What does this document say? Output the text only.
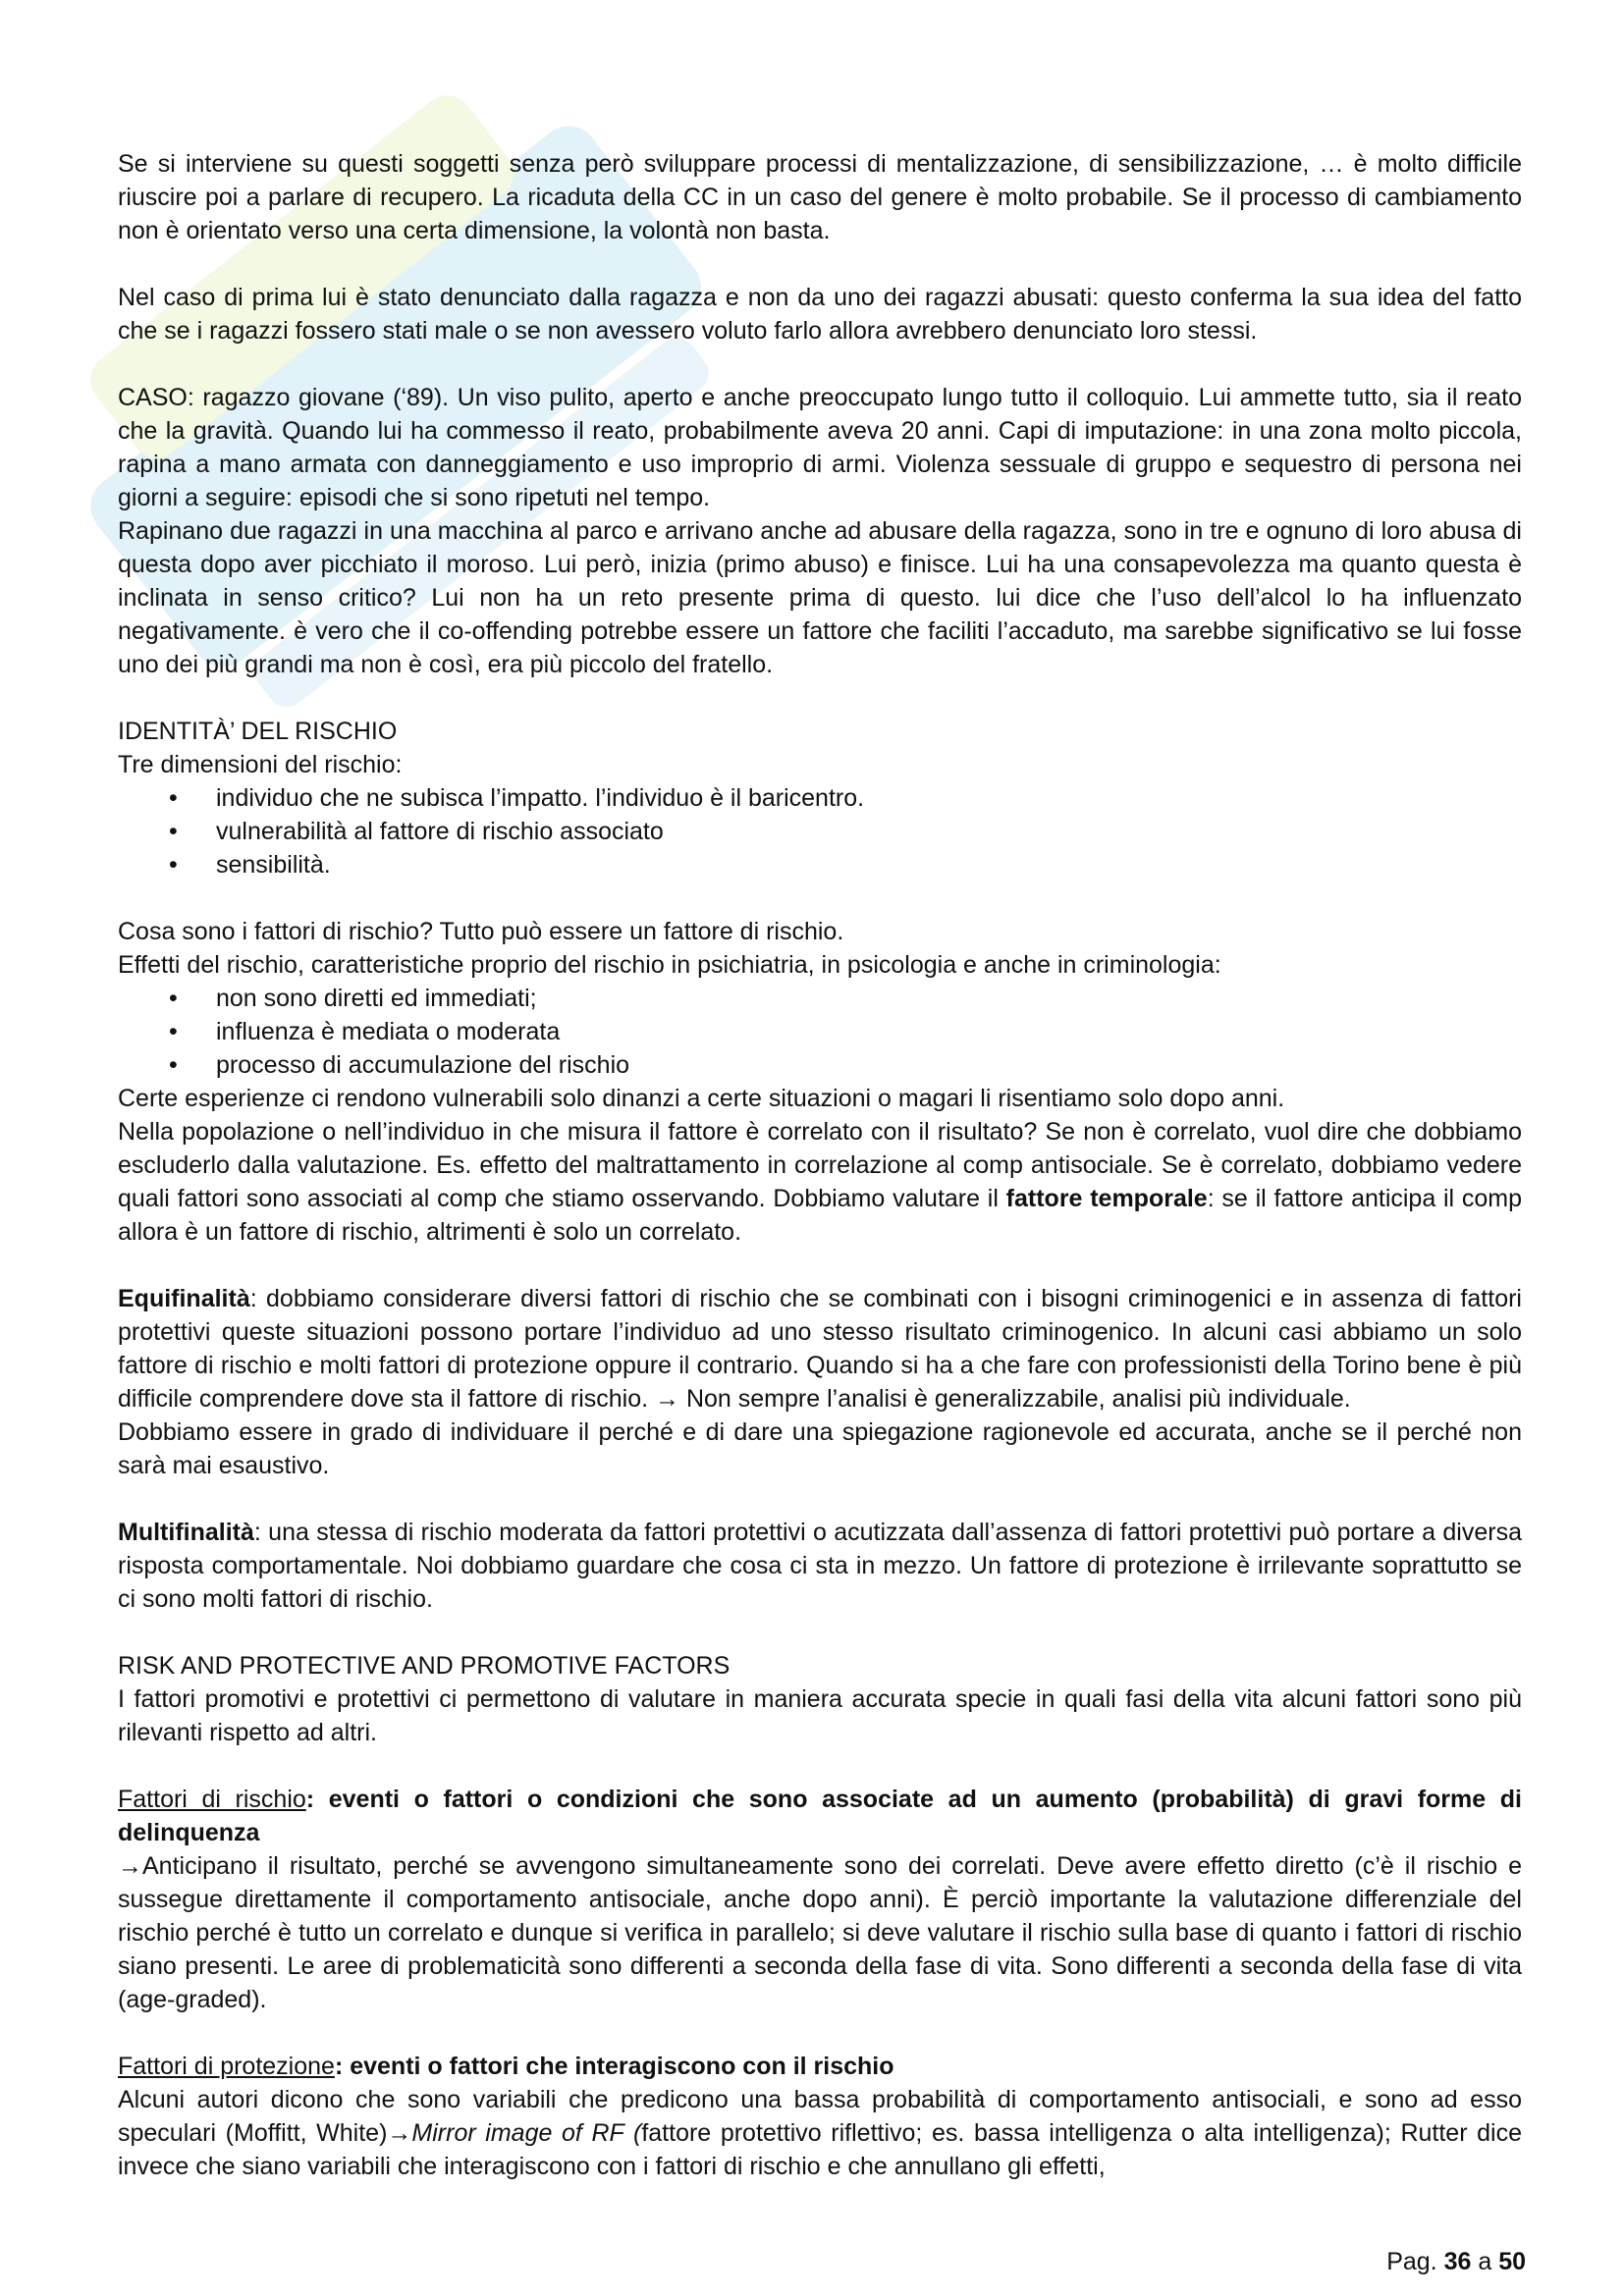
Se si interviene su questi soggetti senza però sviluppare processi di mentalizzazione, di sensibilizzazione, … è molto difficile riuscire poi a parlare di recupero. La ricaduta della CC in un caso del genere è molto probabile. Se il processo di cambiamento non è orientato verso una certa dimensione, la volontà non basta.

Nel caso di prima lui è stato denunciato dalla ragazza e non da uno dei ragazzi abusati: questo conferma la sua idea del fatto che se i ragazzi fossero stati male o se non avessero voluto farlo allora avrebbero denunciato loro stessi.

CASO: ragazzo giovane (‘89). Un viso pulito, aperto e anche preoccupato lungo tutto il colloquio. Lui ammette tutto, sia il reato che la gravità. Quando lui ha commesso il reato, probabilmente aveva 20 anni. Capi di imputazione: in una zona molto piccola, rapina a mano armata con danneggiamento e uso improprio di armi. Violenza sessuale di gruppo e sequestro di persona nei giorni a seguire: episodi che si sono ripetuti nel tempo.

Rapinano due ragazzi in una macchina al parco e arrivano anche ad abusare della ragazza, sono in tre e ognuno di loro abusa di questa dopo aver picchiato il moroso. Lui però, inizia (primo abuso) e finisce. Lui ha una consapevolezza ma quanto questa è inclinata in senso critico? Lui non ha un reto presente prima di questo. lui dice che l’uso dell’alcol lo ha influenzato negativamente. è vero che il co-offending potrebbe essere un fattore che faciliti l’accaduto, ma sarebbe significativo se lui fosse uno dei più grandi ma non è così, era più piccolo del fratello.

IDENTITÀ’ DEL RISCHIO

Tre dimensioni del rischio:

• individuo che ne subisca l’impatto. l’individuo è il baricentro.
• vulnerabilità al fattore di rischio associato
• sensibilità.

Cosa sono i fattori di rischio? Tutto può essere un fattore di rischio.

Effetti del rischio, caratteristiche proprio del rischio in psichiatria, in psicologia e anche in criminologia:

• non sono diretti ed immediati;
• influenza è mediata o moderata
• processo di accumulazione del rischio

Certe esperienze ci rendono vulnerabili solo dinanzi a certe situazioni o magari li risentiamo solo dopo anni.

Nella popolazione o nell’individuo in che misura il fattore è correlato con il risultato? Se non è correlato, vuol dire che dobbiamo escluderlo dalla valutazione. Es. effetto del maltrattamento in correlazione al comp antisociale. Se è correlato, dobbiamo vedere quali fattori sono associati al comp che stiamo osservando. Dobbiamo valutare il fattore temporale: se il fattore anticipa il comp allora è un fattore di rischio, altrimenti è solo un correlato.

Equifinalità: dobbiamo considerare diversi fattori di rischio che se combinati con i bisogni criminogenici e in assenza di fattori protettivi queste situazioni possono portare l’individuo ad uno stesso risultato criminogenico. In alcuni casi abbiamo un solo fattore di rischio e molti fattori di protezione oppure il contrario. Quando si ha a che fare con professionisti della Torino bene è più difficile comprendere dove sta il fattore di rischio. → Non sempre l’analisi è generalizzabile, analisi più individuale.

Dobbiamo essere in grado di individuare il perché e di dare una spiegazione ragionevole ed accurata, anche se il perché non sarà mai esaustivo.

Multifinalità: una stessa di rischio moderata da fattori protettivi o acutizzata dall’assenza di fattori protettivi può portare a diversa risposta comportamentale. Noi dobbiamo guardare che cosa ci sta in mezzo. Un fattore di protezione è irrilevante soprattutto se ci sono molti fattori di rischio.

RISK AND PROTECTIVE AND PROMOTIVE FACTORS

I fattori promotivi e protettivi ci permettono di valutare in maniera accurata specie in quali fasi della vita alcuni fattori sono più rilevanti rispetto ad altri.

Fattori di rischio: eventi o fattori o condizioni che sono associate ad un aumento (probabilità) di gravi forme di delinquenza

→Anticipano il risultato, perché se avvengono simultaneamente sono dei correlati. Deve avere effetto diretto (c’è il rischio e sussegue direttamente il comportamento antisociale, anche dopo anni). È perciò importante la valutazione differenziale del rischio perché è tutto un correlato e dunque si verifica in parallelo; si deve valutare il rischio sulla base di quanto i fattori di rischio siano presenti. Le aree di problematicità sono differenti a seconda della fase di vita. Sono differenti a seconda della fase di vita (age-graded).

Fattori di protezione: eventi o fattori che interagiscono con il rischio

Alcuni autori dicono che sono variabili che predicono una bassa probabilità di comportamento antisociali, e sono ad esso speculari (Moffitt, White)→Mirror image of RF (fattore protettivo riflettivo; es. bassa intelligenza o alta intelligenza); Rutter dice invece che siano variabili che interagiscono con i fattori di rischio e che annullano gli effetti,

Pag. 36 a 50
